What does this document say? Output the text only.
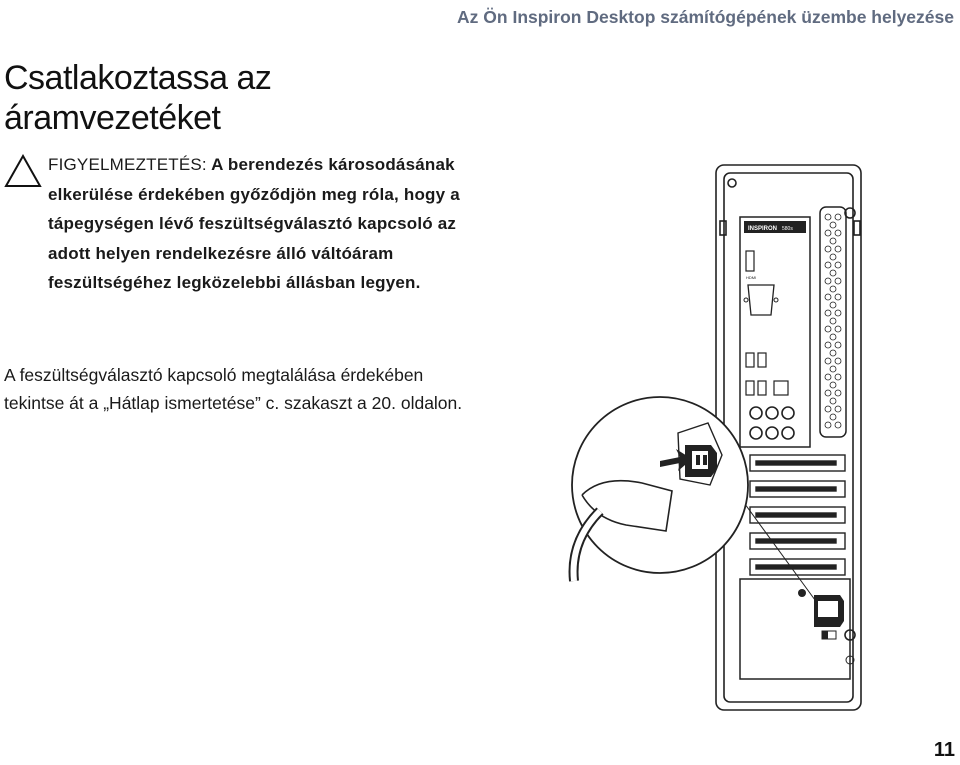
Az Ön Inspiron Desktop számítógépének üzembe helyezése
Csatlakoztassa az áramvezetéket
FIGYELMEZTETÉS: A berendezés károsodásának elkerülése érdekében győződjön meg róla, hogy a tápegységen lévő feszültségválasztó kapcsoló az adott helyen rendelkezésre álló váltóáram feszültségéhez legközelebbi állásban legyen.

A feszültségválasztó kapcsoló megtalálása érdekében tekintse át a „Hátlap ismertetése” c. szakaszt a 20. oldalon.

INSPIRON 580s
HDMI
11
